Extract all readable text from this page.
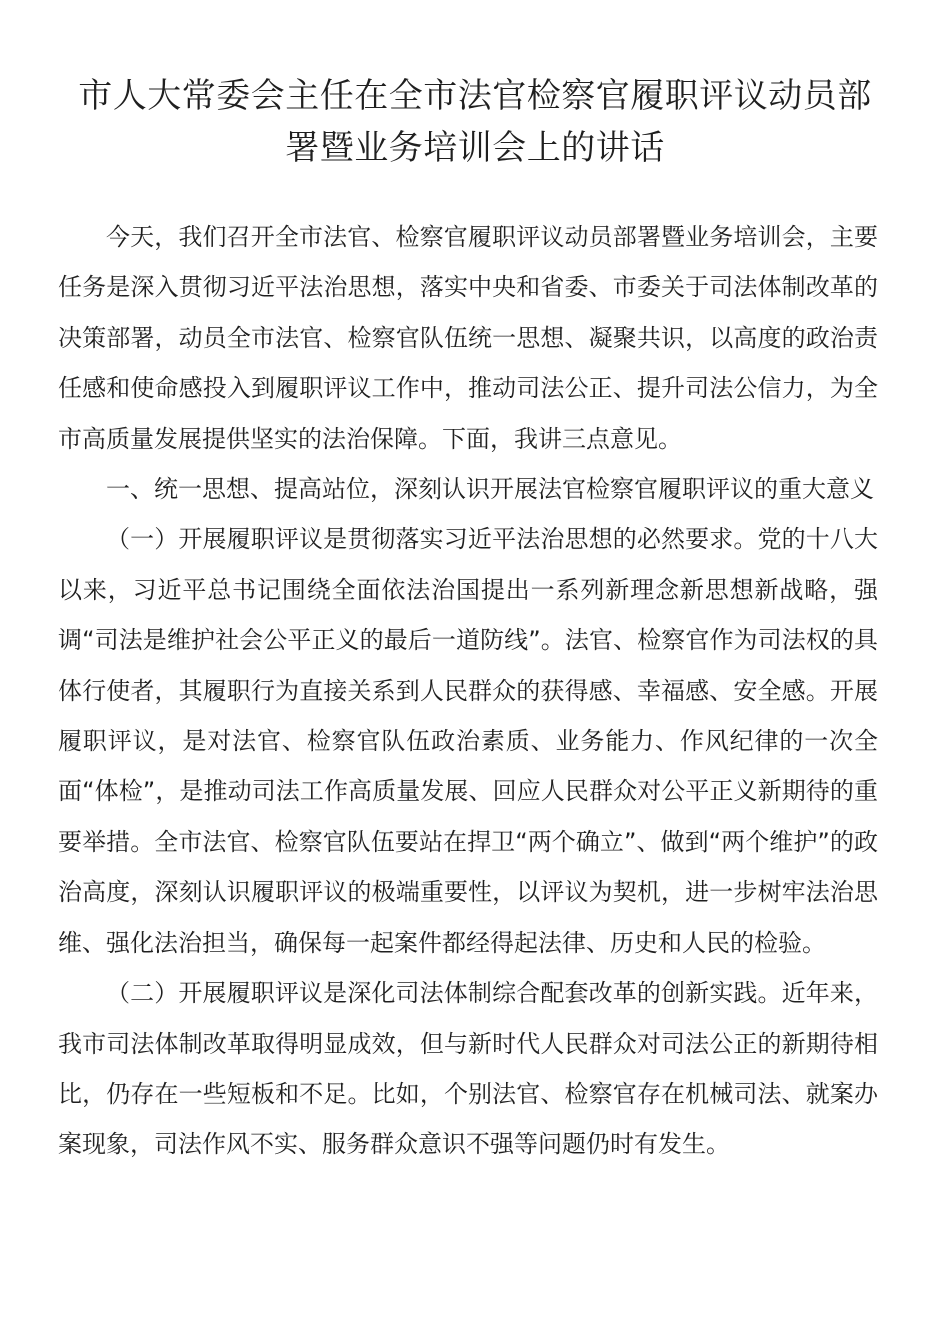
市人大常委会主任在全市法官检察官履职评议动员部
署暨业务培训会上的讲话

今天，我们召开全市法官、检察官履职评议动员部署暨业务培训会，主要任务是深入贯彻习近平法治思想，落实中央和省委、市委关于司法体制改革的决策部署，动员全市法官、检察官队伍统一思想、凝聚共识，以高度的政治责任感和使命感投入到履职评议工作中，推动司法公正、提升司法公信力，为全市高质量发展提供坚实的法治保障。下面，我讲三点意见。

一、统一思想、提高站位，深刻认识开展法官检察官履职评议的重大意义

（一）开展履职评议是贯彻落实习近平法治思想的必然要求。党的十八大以来，习近平总书记围绕全面依法治国提出一系列新理念新思想新战略，强调“司法是维护社会公平正义的最后一道防线”。法官、检察官作为司法权的具体行使者，其履职行为直接关系到人民群众的获得感、幸福感、安全感。开展履职评议，是对法官、检察官队伍政治素质、业务能力、作风纪律的一次全面“体检”，是推动司法工作高质量发展、回应人民群众对公平正义新期待的重要举措。全市法官、检察官队伍要站在捍卫“两个确立”、做到“两个维护”的政治高度，深刻认识履职评议的极端重要性，以评议为契机，进一步树牢法治思维、强化法治担当，确保每一起案件都经得起法律、历史和人民的检验。

（二）开展履职评议是深化司法体制综合配套改革的创新实践。近年来，我市司法体制改革取得明显成效，但与新时代人民群众对司法公正的新期待相比，仍存在一些短板和不足。比如，个别法官、检察官存在机械司法、就案办案现象，司法作风不实、服务群众意识不强等问题仍时有发生。
